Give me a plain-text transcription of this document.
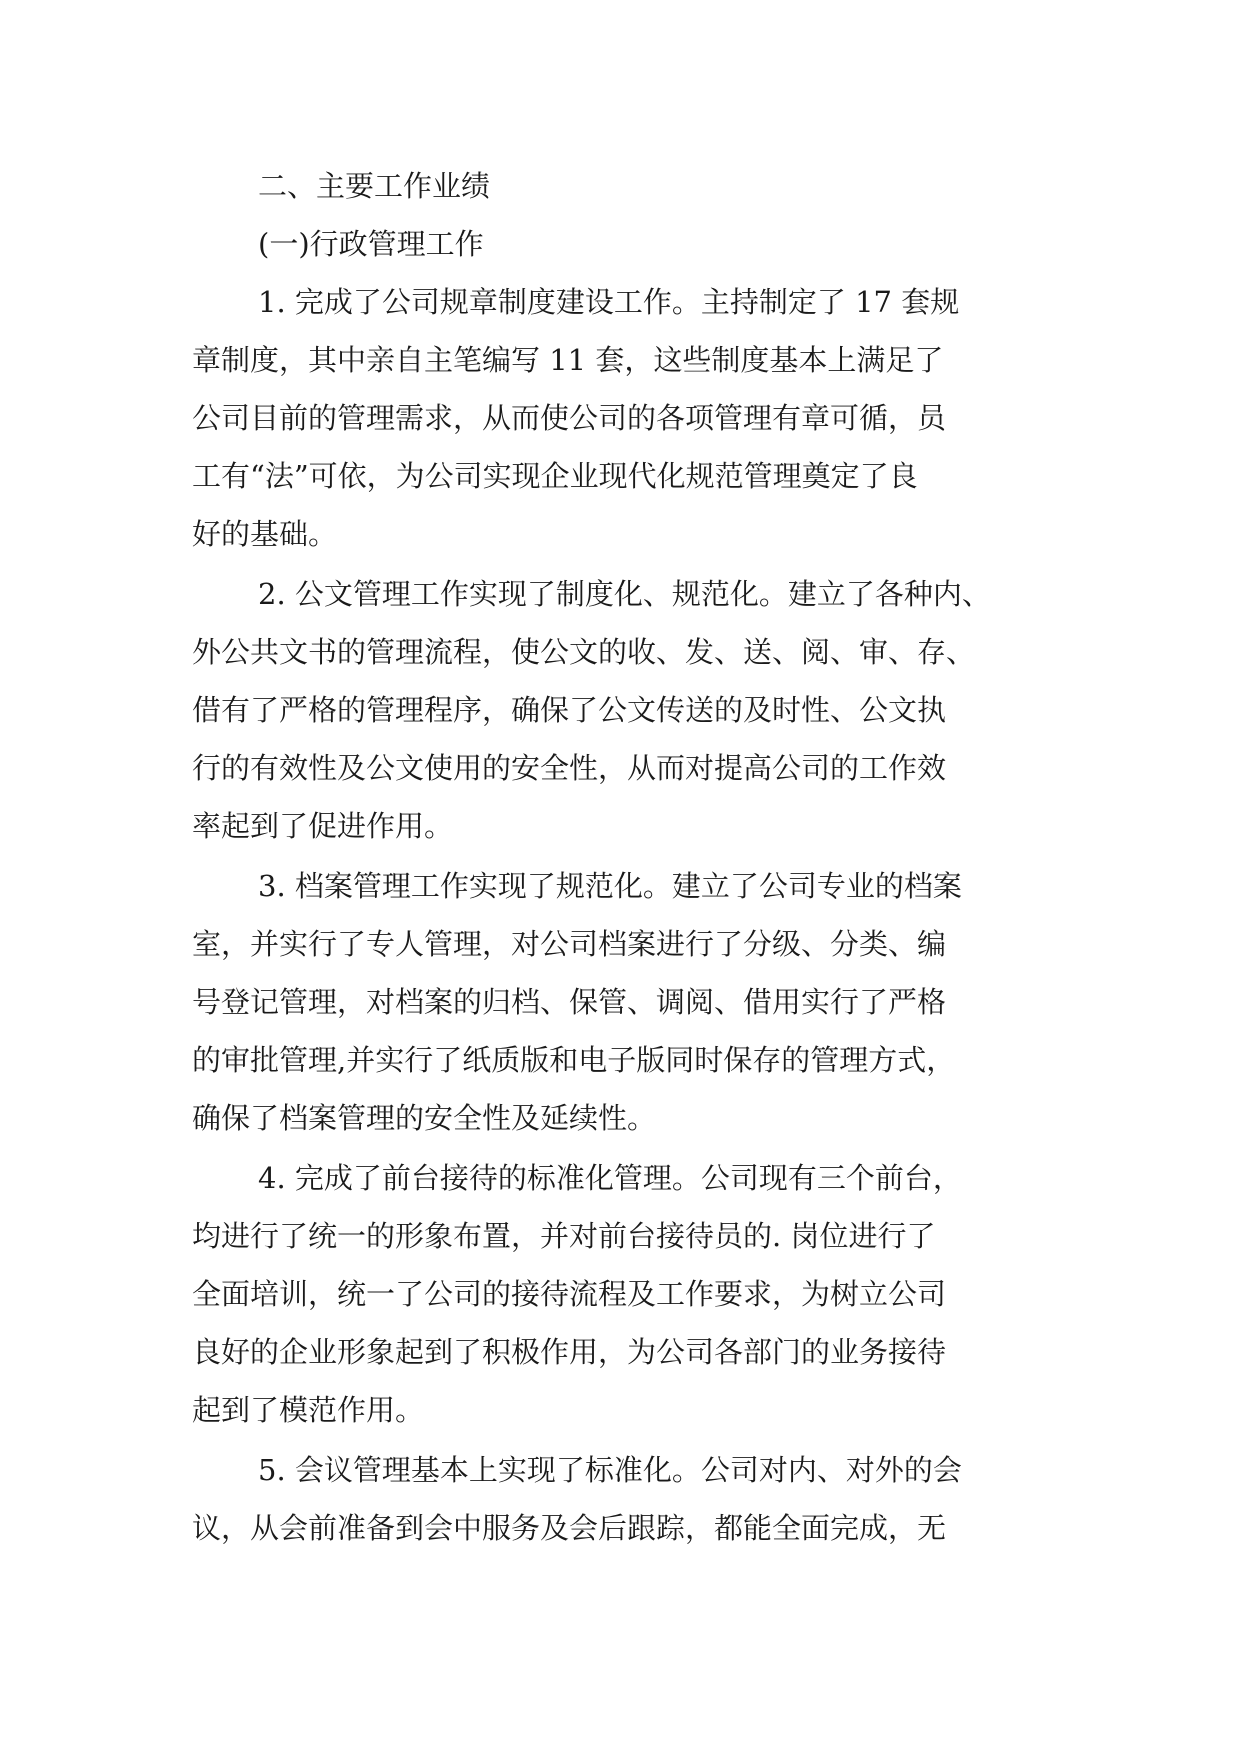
二、主要工作业绩

(一)行政管理工作

1. 完成了公司规章制度建设工作。主持制定了 17 套规

章制度，其中亲自主笔编写 11 套，这些制度基本上满足了

公司目前的管理需求，从而使公司的各项管理有章可循，员

工有“法”可依，为公司实现企业现代化规范管理奠定了良

好的基础。

2. 公文管理工作实现了制度化、规范化。建立了各种内、

外公共文书的管理流程，使公文的收、发、送、阅、审、存、

借有了严格的管理程序，确保了公文传送的及时性、公文执

行的有效性及公文使用的安全性，从而对提高公司的工作效

率起到了促进作用。

3. 档案管理工作实现了规范化。建立了公司专业的档案

室，并实行了专人管理，对公司档案进行了分级、分类、编

号登记管理，对档案的归档、保管、调阅、借用实行了严格

的审批管理,并实行了纸质版和电子版同时保存的管理方式，

确保了档案管理的安全性及延续性。

4. 完成了前台接待的标准化管理。公司现有三个前台，

均进行了统一的形象布置，并对前台接待员的. 岗位进行了

全面培训，统一了公司的接待流程及工作要求，为树立公司

良好的企业形象起到了积极作用，为公司各部门的业务接待

起到了模范作用。

5. 会议管理基本上实现了标准化。公司对内、对外的会

议，从会前准备到会中服务及会后跟踪，都能全面完成，无
